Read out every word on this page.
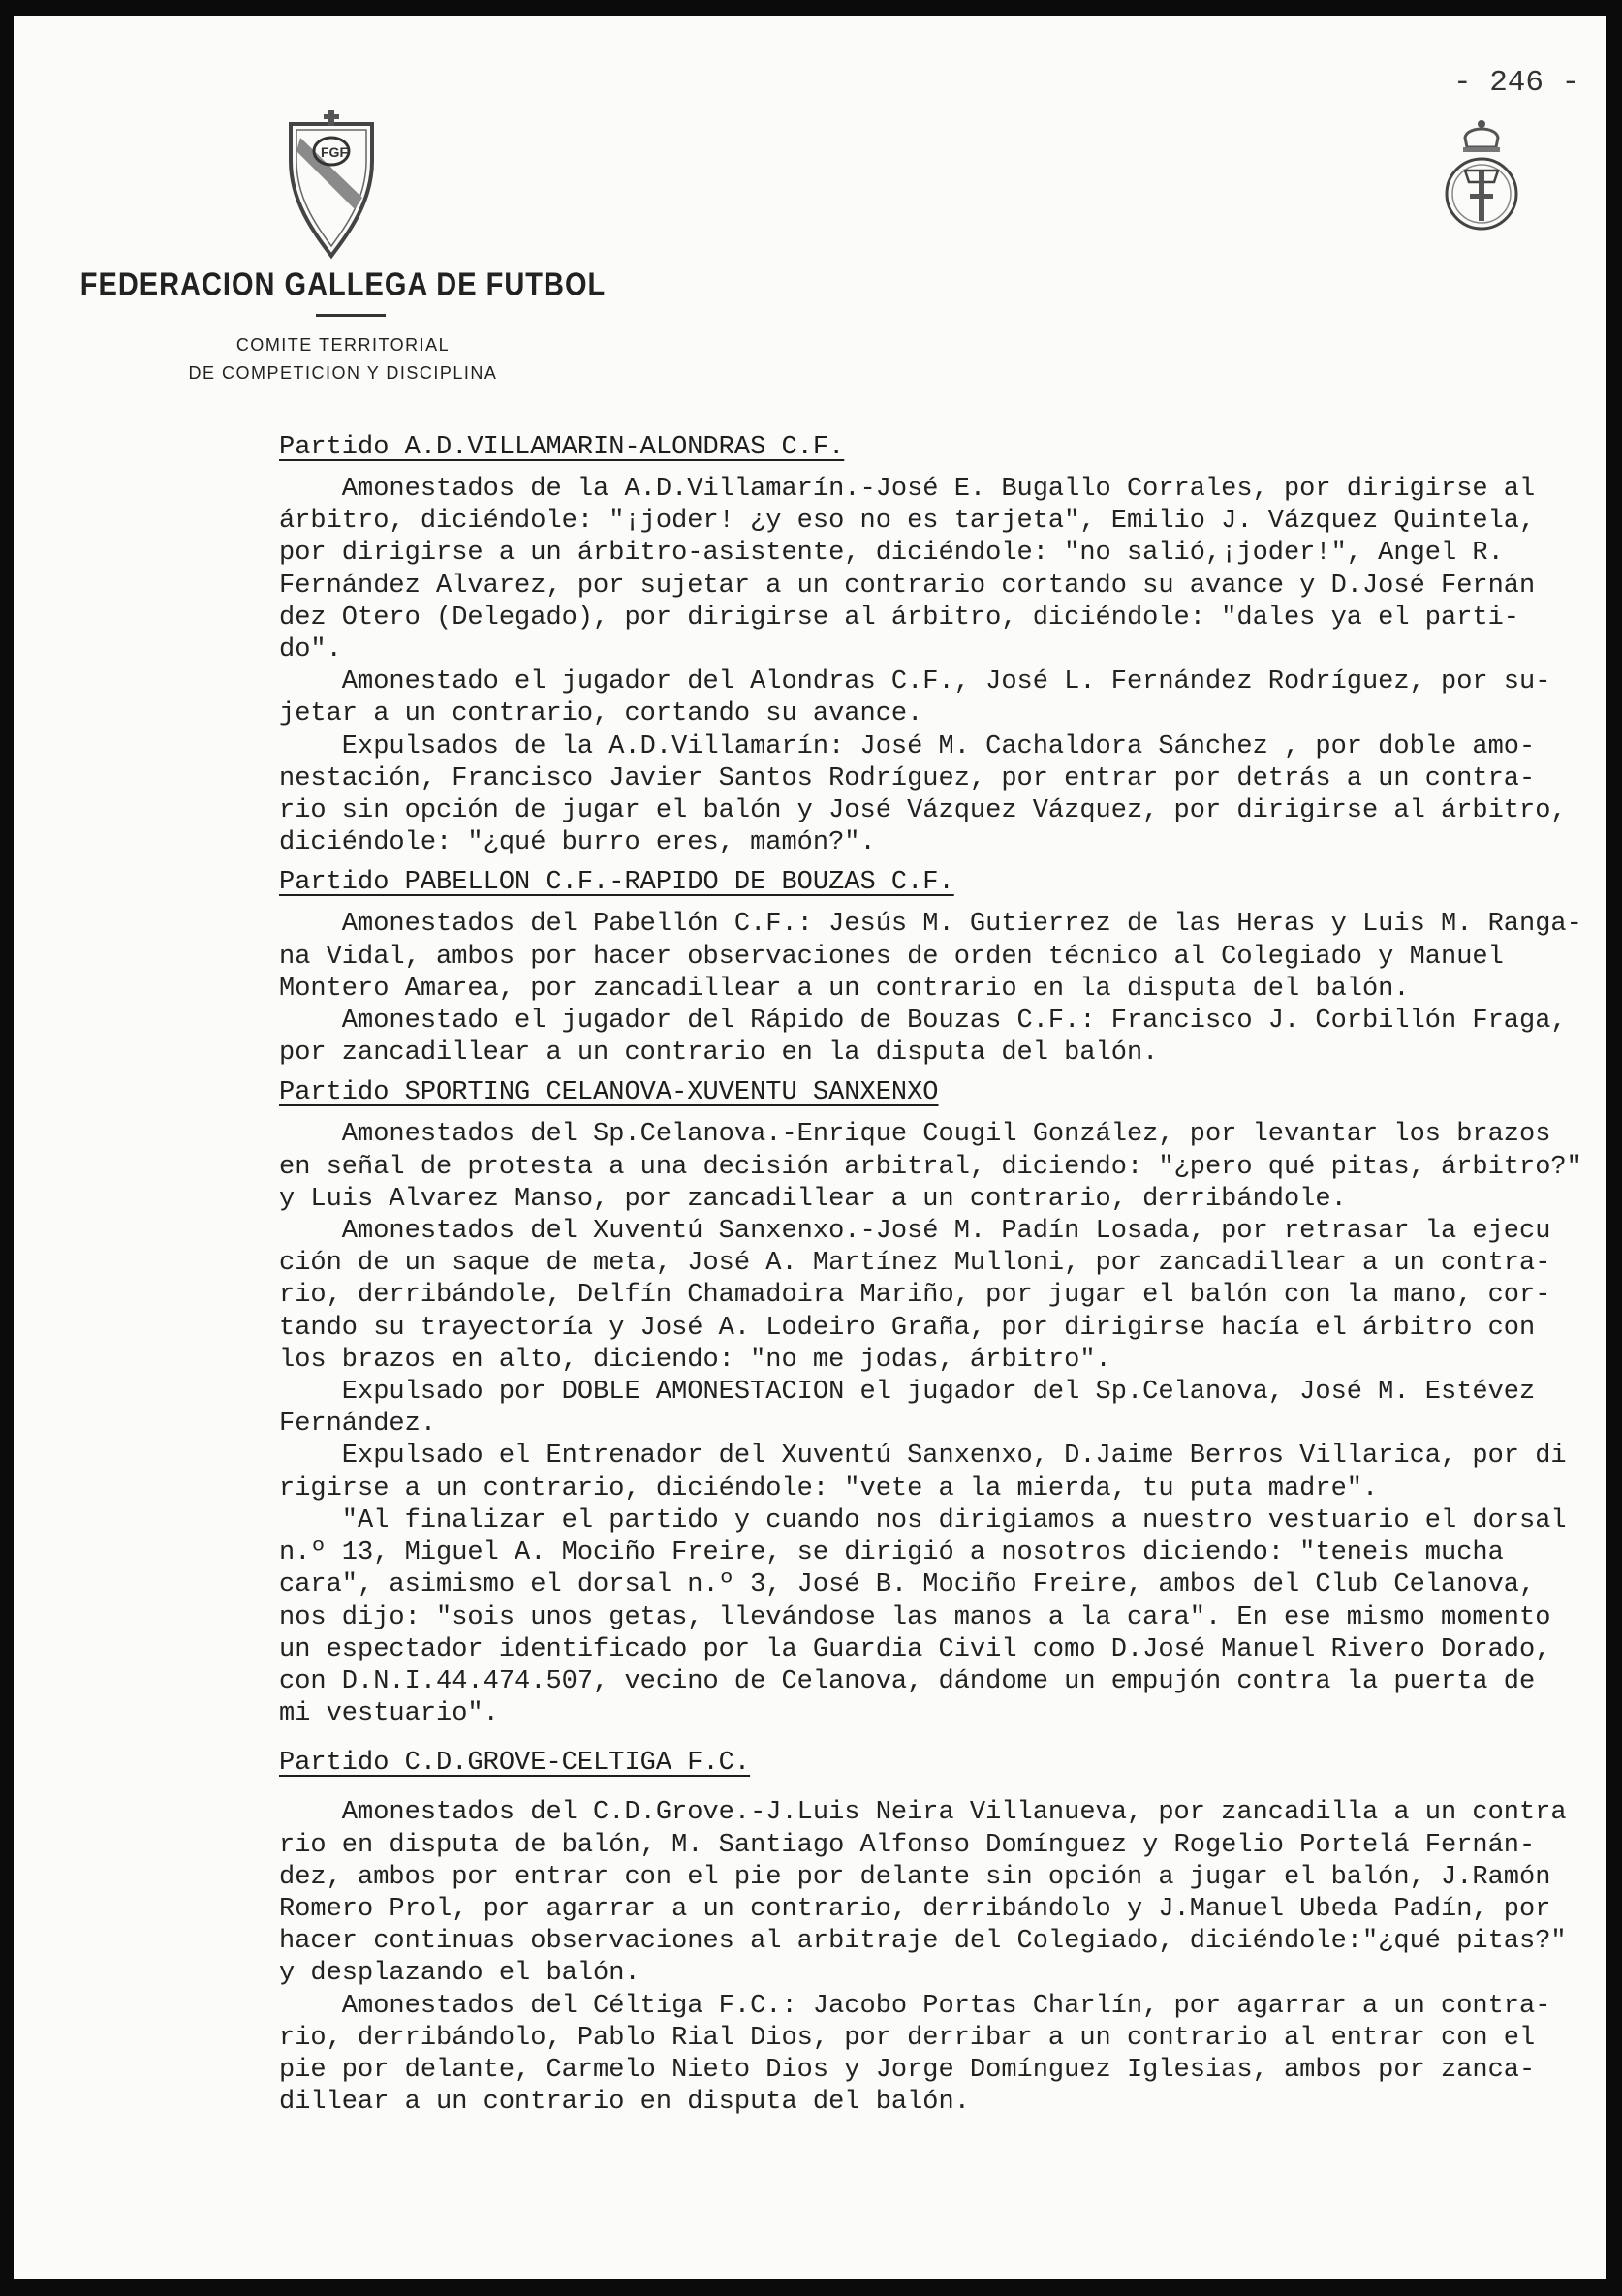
- 246 -
FGF
FEDERACION GALLEGA DE FUTBOL
COMITE TERRITORIAL
DE COMPETICION Y DISCIPLINA
Partido A.D.VILLAMARIN-ALONDRAS C.F.

Amonestados de la A.D.Villamarín.-José E. Bugallo Corrales, por dirigirse al
árbitro, diciéndole: "¡joder! ¿y eso no es tarjeta", Emilio J. Vázquez Quintela,
por dirigirse a un árbitro-asistente, diciéndole: "no salió,¡joder!", Angel R.
Fernández Alvarez, por sujetar a un contrario cortando su avance y D.José Fernán
dez Otero (Delegado), por dirigirse al árbitro, diciéndole: "dales ya el parti-
do".

Amonestado el jugador del Alondras C.F., José L. Fernández Rodríguez, por su-
jetar a un contrario, cortando su avance.

Expulsados de la A.D.Villamarín: José M. Cachaldora Sánchez , por doble amo-
nestación, Francisco Javier Santos Rodríguez, por entrar por detrás a un contra-
rio sin opción de jugar el balón y José Vázquez Vázquez, por dirigirse al árbitro,
diciéndole: "¿qué burro eres, mamón?".

Partido PABELLON C.F.-RAPIDO DE BOUZAS C.F.

Amonestados del Pabellón C.F.: Jesús M. Gutierrez de las Heras y Luis M. Ranga-
na Vidal, ambos por hacer observaciones de orden técnico al Colegiado y Manuel
Montero Amarea, por zancadillear a un contrario en la disputa del balón.

Amonestado el jugador del Rápido de Bouzas C.F.: Francisco J. Corbillón Fraga,
por zancadillear a un contrario en la disputa del balón.

Partido SPORTING CELANOVA-XUVENTU SANXENXO

Amonestados del Sp.Celanova.-Enrique Cougil González, por levantar los brazos
en señal de protesta a una decisión arbitral, diciendo: "¿pero qué pitas, árbitro?"
y Luis Alvarez Manso, por zancadillear a un contrario, derribándole.

Amonestados del Xuventú Sanxenxo.-José M. Padín Losada, por retrasar la ejecu
ción de un saque de meta, José A. Martínez Mulloni, por zancadillear a un contra-
rio, derribándole, Delfín Chamadoira Mariño, por jugar el balón con la mano, cor-
tando su trayectoría y José A. Lodeiro Graña, por dirigirse hacía el árbitro con
los brazos en alto, diciendo: "no me jodas, árbitro".

Expulsado por DOBLE AMONESTACION el jugador del Sp.Celanova, José M. Estévez
Fernández.

Expulsado el Entrenador del Xuventú Sanxenxo, D.Jaime Berros Villarica, por di
rigirse a un contrario, diciéndole: "vete a la mierda, tu puta madre".

"Al finalizar el partido y cuando nos dirigiamos a nuestro vestuario el dorsal
n.º 13, Miguel A. Mociño Freire, se dirigió a nosotros diciendo: "teneis mucha
cara", asimismo el dorsal n.º 3, José B. Mociño Freire, ambos del Club Celanova,
nos dijo: "sois unos getas, llevándose las manos a la cara". En ese mismo momento
un espectador identificado por la Guardia Civil como D.José Manuel Rivero Dorado,
con D.N.I.44.474.507, vecino de Celanova, dándome un empujón contra la puerta de
mi vestuario".

Partido C.D.GROVE-CELTIGA F.C.

Amonestados del C.D.Grove.-J.Luis Neira Villanueva, por zancadilla a un contra
rio en disputa de balón, M. Santiago Alfonso Domínguez y Rogelio Portelá Fernán-
dez, ambos por entrar con el pie por delante sin opción a jugar el balón, J.Ramón
Romero Prol, por agarrar a un contrario, derribándolo y J.Manuel Ubeda Padín, por
hacer continuas observaciones al arbitraje del Colegiado, diciéndole:"¿qué pitas?"
y desplazando el balón.

Amonestados del Céltiga F.C.: Jacobo Portas Charlín, por agarrar a un contra-
rio, derribándolo, Pablo Rial Dios, por derribar a un contrario al entrar con el
pie por delante, Carmelo Nieto Dios y Jorge Domínguez Iglesias, ambos por zanca-
dillear a un contrario en disputa del balón.
